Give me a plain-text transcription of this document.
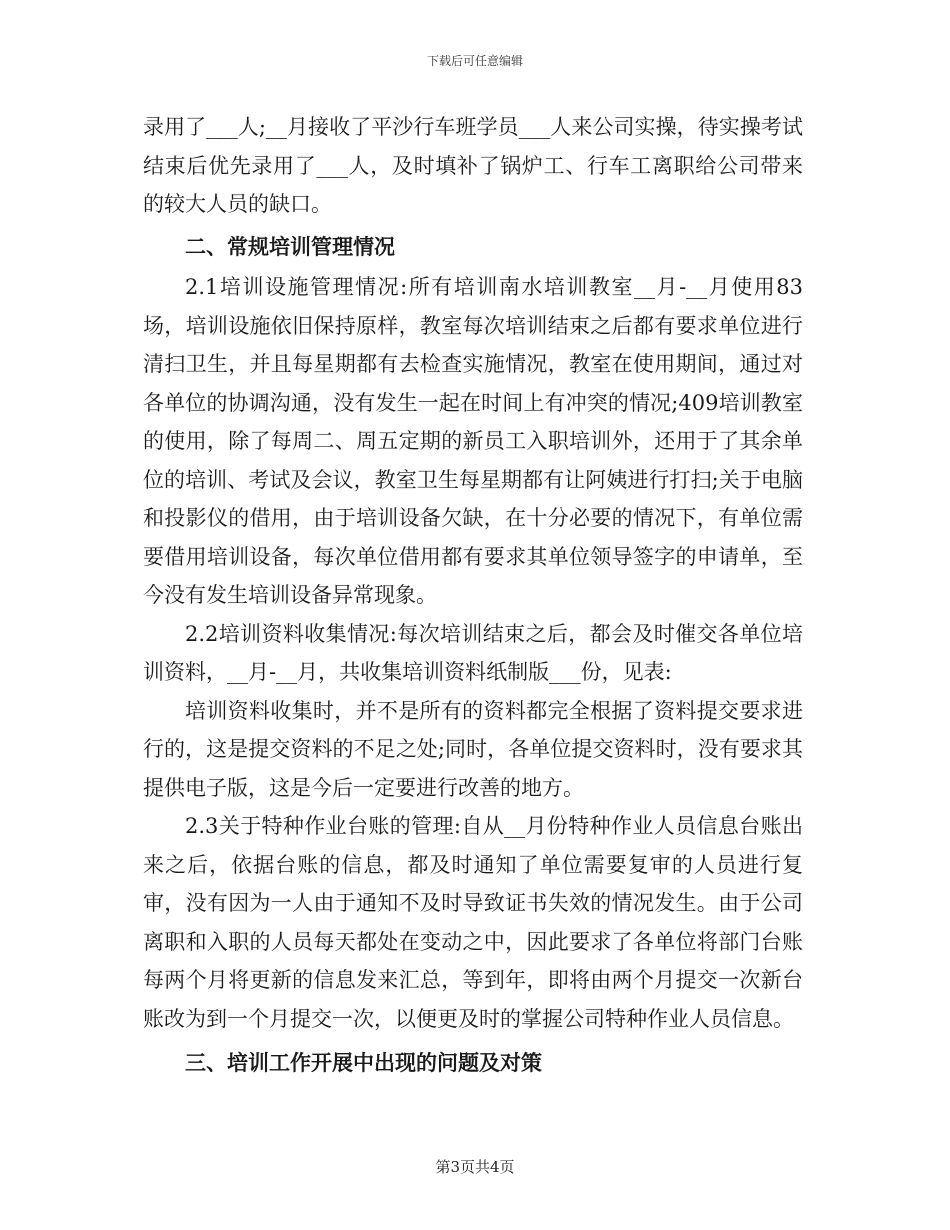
下载后可任意编辑

录用了___人;__月接收了平沙行车班学员___人来公司实操，待实操考试结束后优先录用了___人，及时填补了锅炉工、行车工离职给公司带来的较大人员的缺口。

二、常规培训管理情况

2.1培训设施管理情况:所有培训南水培训教室__月-__月使用83场，培训设施依旧保持原样，教室每次培训结束之后都有要求单位进行清扫卫生，并且每星期都有去检查实施情况，教室在使用期间，通过对各单位的协调沟通，没有发生一起在时间上有冲突的情况;409培训教室的使用，除了每周二、周五定期的新员工入职培训外，还用于了其余单位的培训、考试及会议，教室卫生每星期都有让阿姨进行打扫;关于电脑和投影仪的借用，由于培训设备欠缺，在十分必要的情况下，有单位需要借用培训设备，每次单位借用都有要求其单位领导签字的申请单，至今没有发生培训设备异常现象。

2.2培训资料收集情况:每次培训结束之后，都会及时催交各单位培训资料，__月-__月，共收集培训资料纸制版___份，见表:

培训资料收集时，并不是所有的资料都完全根据了资料提交要求进行的，这是提交资料的不足之处;同时，各单位提交资料时，没有要求其提供电子版，这是今后一定要进行改善的地方。

2.3关于特种作业台账的管理:自从__月份特种作业人员信息台账出来之后，依据台账的信息，都及时通知了单位需要复审的人员进行复审，没有因为一人由于通知不及时导致证书失效的情况发生。由于公司离职和入职的人员每天都处在变动之中，因此要求了各单位将部门台账每两个月将更新的信息发来汇总，等到年，即将由两个月提交一次新台账改为到一个月提交一次，以便更及时的掌握公司特种作业人员信息。

三、培训工作开展中出现的问题及对策

第3页共4页
